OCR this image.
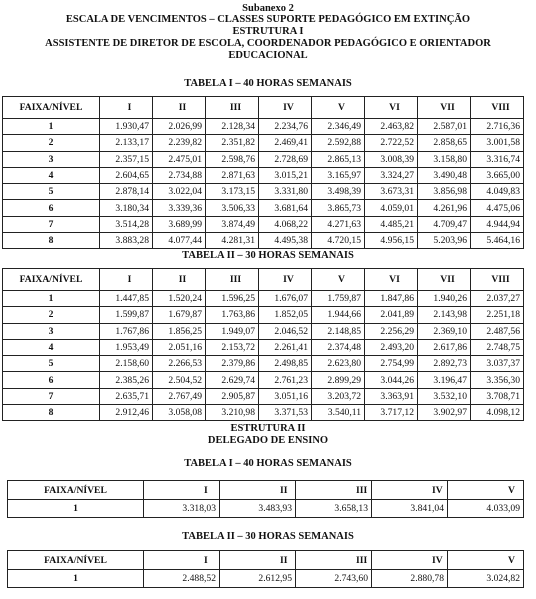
Subanexo 2
ESCALA DE VENCIMENTOS – CLASSES SUPORTE PEDAGÓGICO EM EXTINÇÃO
ESTRUTURA I
ASSISTENTE DE DIRETOR DE ESCOLA, COORDENADOR PEDAGÓGICO E ORIENTADOR
EDUCACIONAL
TABELA I – 40 HORAS SEMANAIS
FAIXA/NÍVEL	I	II	III	IV	V	VI	VII	VIII
1	1.930,47	2.026,99	2.128,34	2.234,76	2.346,49	2.463,82	2.587,01	2.716,36
2	2.133,17	2.239,82	2.351,82	2.469,41	2.592,88	2.722,52	2.858,65	3.001,58
3	2.357,15	2.475,01	2.598,76	2.728,69	2.865,13	3.008,39	3.158,80	3.316,74
4	2.604,65	2.734,88	2.871,63	3.015,21	3.165,97	3.324,27	3.490,48	3.665,00
5	2.878,14	3.022,04	3.173,15	3.331,80	3.498,39	3.673,31	3.856,98	4.049,83
6	3.180,34	3.339,36	3.506,33	3.681,64	3.865,73	4.059,01	4.261,96	4.475,06
7	3.514,28	3.689,99	3.874,49	4.068,22	4.271,63	4.485,21	4.709,47	4.944,94
8	3.883,28	4.077,44	4.281,31	4.495,38	4.720,15	4.956,15	5.203,96	5.464,16
TABELA II – 30 HORAS SEMANAIS
FAIXA/NÍVEL	I	II	III	IV	V	VI	VII	VIII
1	1.447,85	1.520,24	1.596,25	1.676,07	1.759,87	1.847,86	1.940,26	2.037,27
2	1.599,87	1.679,87	1.763,86	1.852,05	1.944,66	2.041,89	2.143,98	2.251,18
3	1.767,86	1.856,25	1.949,07	2.046,52	2.148,85	2.256,29	2.369,10	2.487,56
4	1.953,49	2.051,16	2.153,72	2.261,41	2.374,48	2.493,20	2.617,86	2.748,75
5	2.158,60	2.266,53	2.379,86	2.498,85	2.623,80	2.754,99	2.892,73	3.037,37
6	2.385,26	2.504,52	2.629,74	2.761,23	2.899,29	3.044,26	3.196,47	3.356,30
7	2.635,71	2.767,49	2.905,87	3.051,16	3.203,72	3.363,91	3.532,10	3.708,71
8	2.912,46	3.058,08	3.210,98	3.371,53	3.540,11	3.717,12	3.902,97	4.098,12
ESTRUTURA II
DELEGADO DE ENSINO
TABELA I – 40 HORAS SEMANAIS
FAIXA/NÍVEL	I	II	III	IV	V
1	3.318,03	3.483,93	3.658,13	3.841,04	4.033,09
TABELA II – 30 HORAS SEMANAIS
FAIXA/NÍVEL	I	II	III	IV	V
1	2.488,52	2.612,95	2.743,60	2.880,78	3.024,82
